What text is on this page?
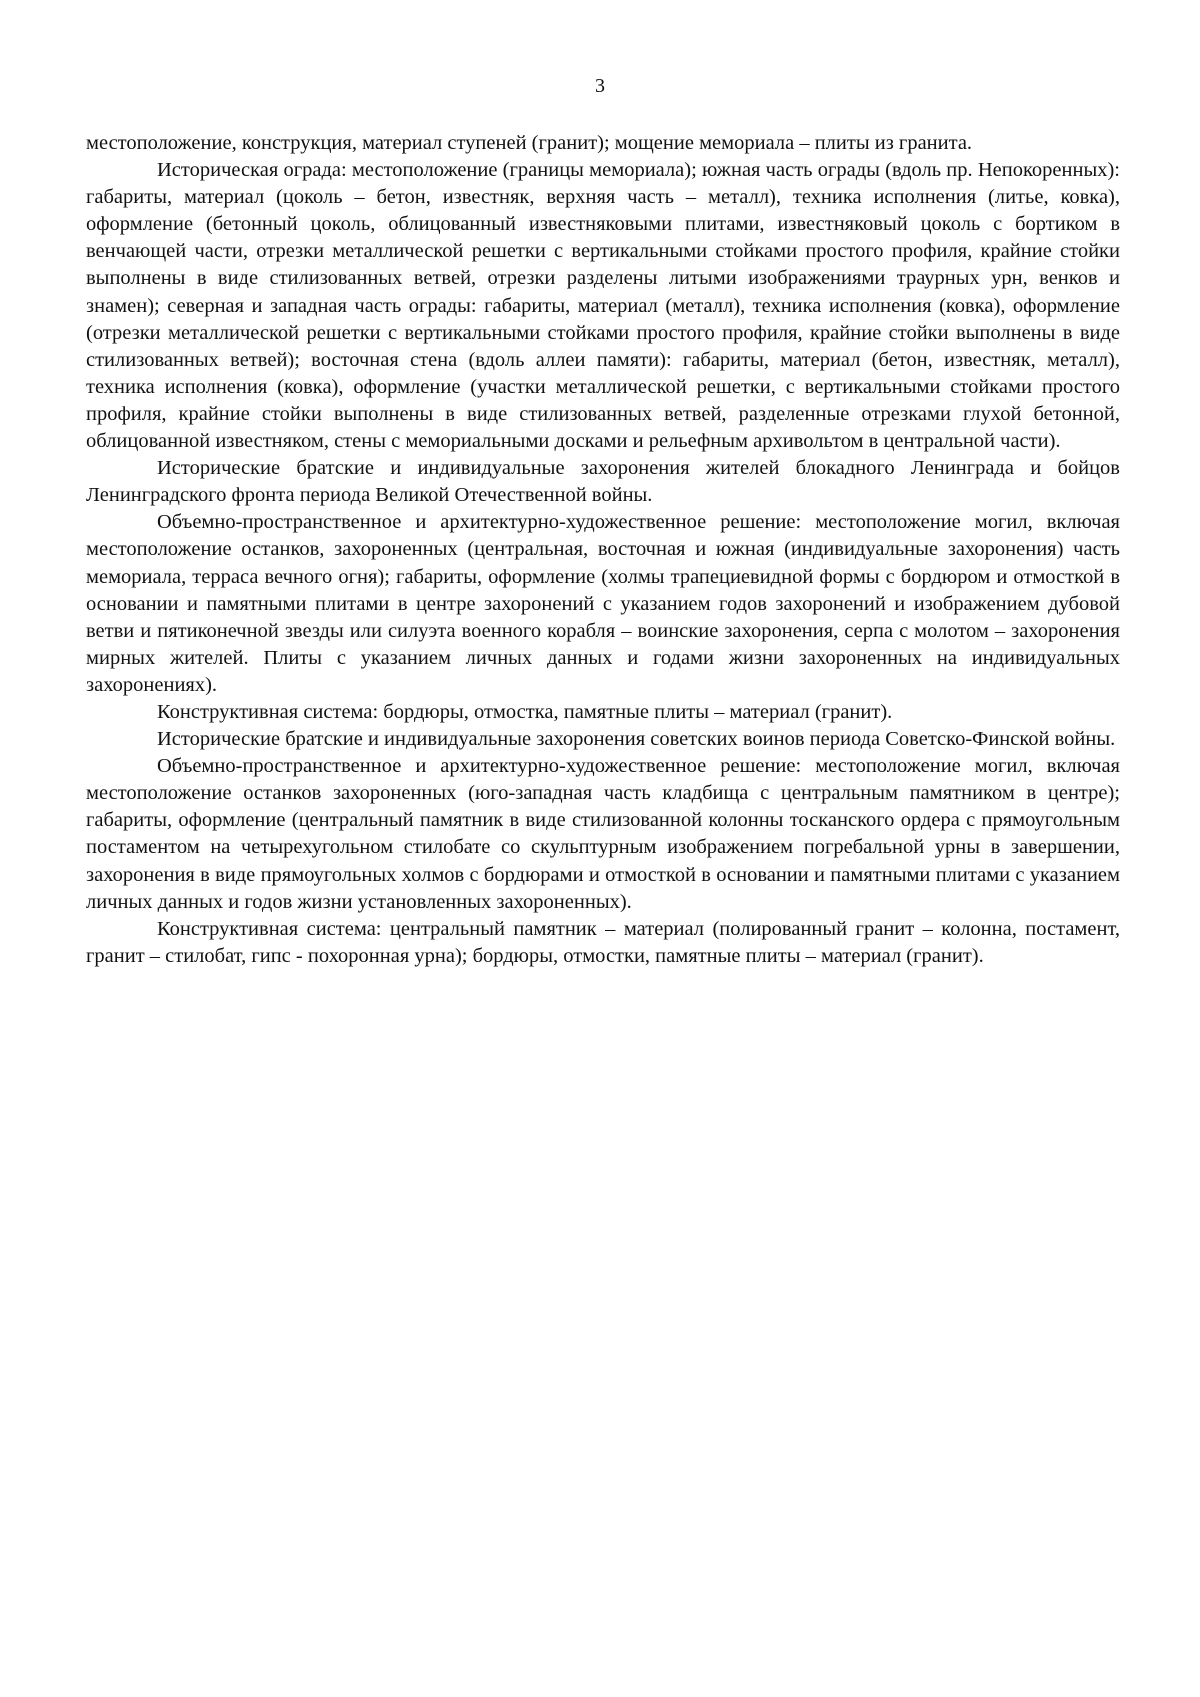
3

местоположение, конструкция, материал ступеней (гранит); мощение мемориала – плиты из гранита.

Историческая ограда: местоположение (границы мемориала); южная часть ограды (вдоль пр. Непокоренных): габариты, материал (цоколь – бетон, известняк, верхняя часть – металл), техника исполнения (литье, ковка), оформление (бетонный цоколь, облицованный известняковыми плитами, известняковый цоколь с бортиком в венчающей части, отрезки металлической решетки с вертикальными стойками простого профиля, крайние стойки выполнены в виде стилизованных ветвей, отрезки разделены литыми изображениями траурных урн, венков и знамен); северная и западная часть ограды: габариты, материал (металл), техника исполнения (ковка), оформление (отрезки металлической решетки с вертикальными стойками простого профиля, крайние стойки выполнены в виде стилизованных ветвей); восточная стена (вдоль аллеи памяти): габариты, материал (бетон, известняк, металл), техника исполнения (ковка), оформление (участки металлической решетки, с вертикальными стойками простого профиля, крайние стойки выполнены в виде стилизованных ветвей, разделенные отрезками глухой бетонной, облицованной известняком, стены с мемориальными досками и рельефным архивольтом в центральной части).

Исторические братские и индивидуальные захоронения жителей блокадного Ленинграда и бойцов Ленинградского фронта периода Великой Отечественной войны.

Объемно-пространственное и архитектурно-художественное решение: местоположение могил, включая местоположение останков, захороненных (центральная, восточная и южная (индивидуальные захоронения) часть мемориала, терраса вечного огня); габариты, оформление (холмы трапециевидной формы с бордюром и отмосткой в основании и памятными плитами в центре захоронений с указанием годов захоронений и изображением дубовой ветви и пятиконечной звезды или силуэта военного корабля – воинские захоронения, серпа с молотом – захоронения мирных жителей. Плиты с указанием личных данных и годами жизни захороненных на индивидуальных захоронениях).

Конструктивная система: бордюры, отмостка, памятные плиты – материал (гранит).

Исторические братские и индивидуальные захоронения советских воинов периода Советско-Финской войны.

Объемно-пространственное и архитектурно-художественное решение: местоположение могил, включая местоположение останков захороненных (юго-западная часть кладбища с центральным памятником в центре); габариты, оформление (центральный памятник в виде стилизованной колонны тосканского ордера с прямоугольным постаментом на четырехугольном стилобате со скульптурным изображением погребальной урны в завершении, захоронения в виде прямоугольных холмов с бордюрами и отмосткой в основании и памятными плитами с указанием личных данных и годов жизни установленных захороненных).

Конструктивная система: центральный памятник – материал (полированный гранит – колонна, постамент, гранит – стилобат, гипс - похоронная урна); бордюры, отмостки, памятные плиты – материал (гранит).
